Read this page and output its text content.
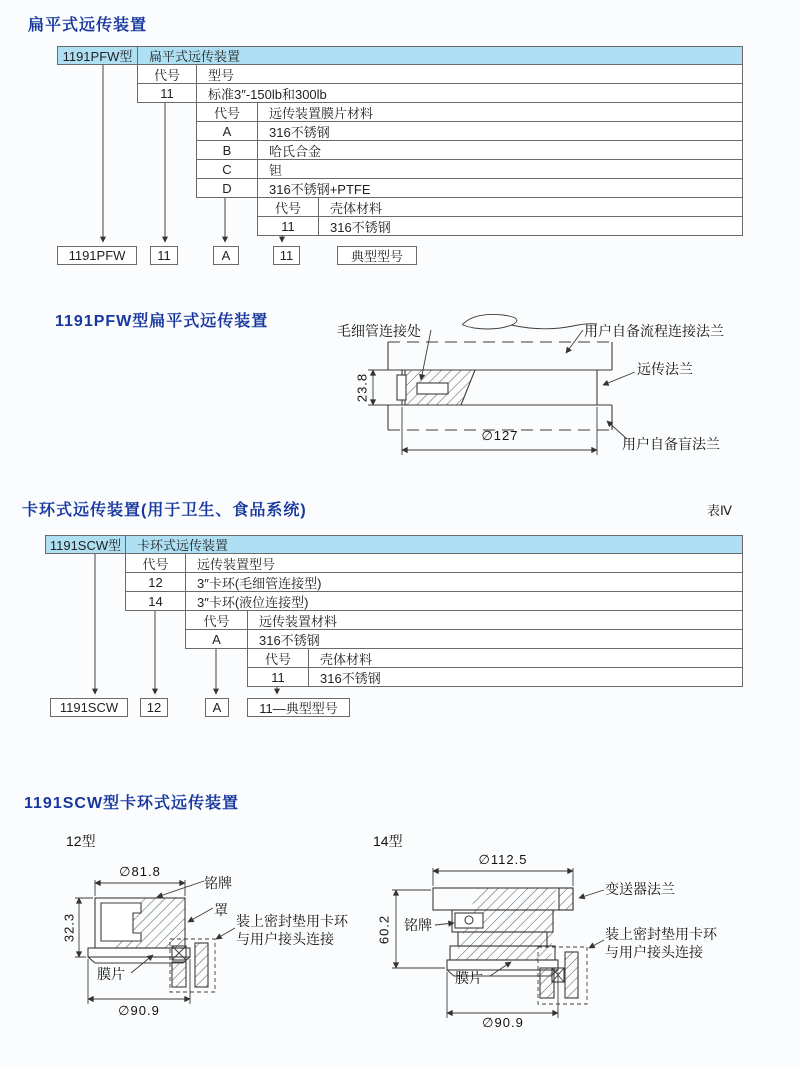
扁平式远传装置
1191PFW型	扁平式远传装置
代号	型号
11	标准3″-150lb和300lb
代号	远传装置膜片材料
A	316不锈钢
B	哈氏合金
C	钽
D	316不锈钢+PTFE
代号	壳体材料
11	316不锈钢
1191PFW	11	A	11	典型型号
1191PFW型扁平式远传装置
毛细管连接处	用户自备流程连接法兰
远传法兰
用户自备盲法兰
23.8
∅127
卡环式远传装置(用于卫生、食品系统)	表Ⅳ
1191SCW型	卡环式远传装置
代号	远传装置型号
12	3″卡环(毛细管连接型)
14	3″卡环(液位连接型)
代号	远传装置材料
A	316不锈钢
代号	壳体材料
11	316不锈钢
1191SCW	12	A	11—典型型号
1191SCW型卡环式远传装置
12型
∅81.8
32.3
∅90.9
铭牌
罩
装上密封垫用卡环
与用户接头连接
膜片
14型
∅112.5
60.2
∅90.9
变送器法兰
铭牌
装上密封垫用卡环
与用户接头连接
膜片
